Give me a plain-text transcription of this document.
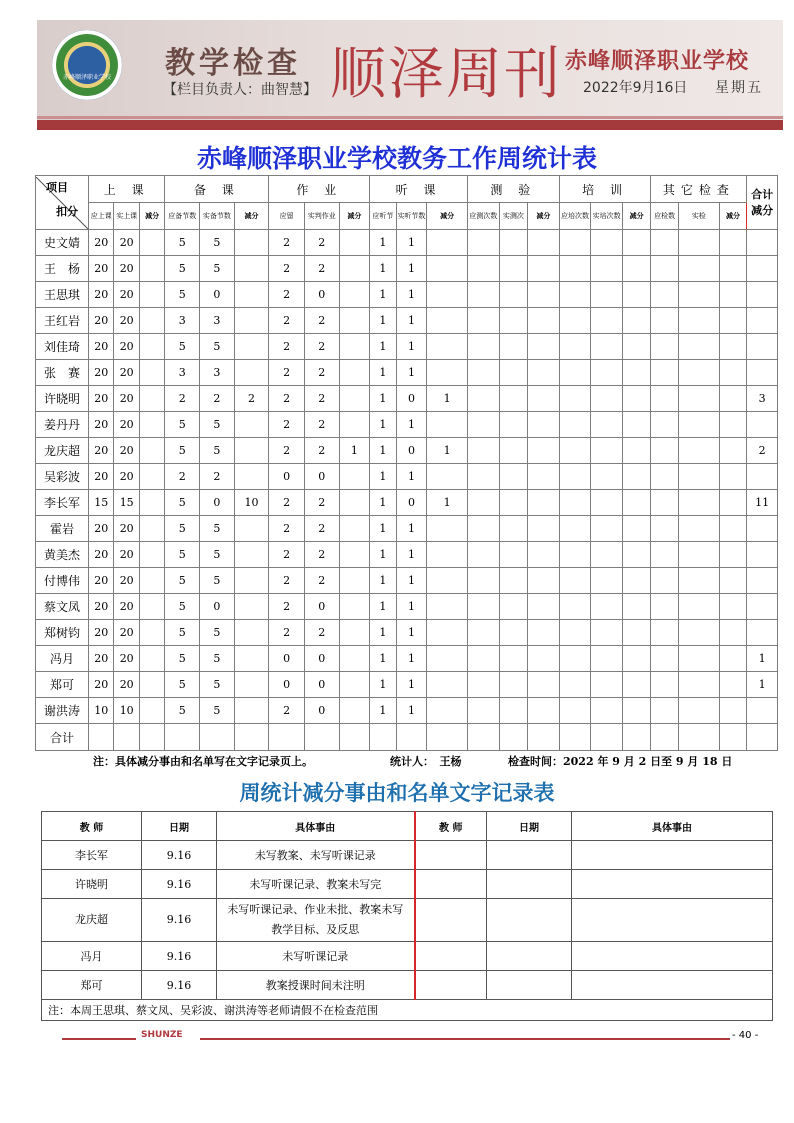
赤峰顺泽职业学校 教学检查
【栏目负责人：曲智慧】 顺泽周刊 赤峰顺泽职业学校
2022年9月16日 星期五
赤峰顺泽职业学校教务工作周统计表
项目
扣分	上 课			备 课			作 业			听 课			测 验			培 训			其它检查			合计减分

	应上课	实上课	减分	应备节数	实备节数	减分	应留	实判作业	减分	应听节	实听节数	减分	应测次数	实测次	减分	应培次数	实培次数	减分	应检数	实检	减分	
史文婧	20	20		5	5		2	2		1	1											
王　杨	20	20		5	5		2	2		1	1											
王思琪	20	20		5	0		2	0		1	1											
王红岩	20	20		3	3		2	2		1	1											
刘佳琦	20	20		5	5		2	2		1	1											
张　赛	20	20		3	3		2	2		1	1											
许晓明	20	20		2	2	2	2	2		1	0	1										3
姜丹丹	20	20		5	5		2	2		1	1											
龙庆超	20	20		5	5		2	2	1	1	0	1										2
吴彩波	20	20		2	2		0	0		1	1											
李长军	15	15		5	0	10	2	2		1	0	1										11
霍岩	20	20		5	5		2	2		1	1											
黄美杰	20	20		5	5		2	2		1	1											
付博伟	20	20		5	5		2	2		1	1											
蔡文凤	20	20		5	0		2	0		1	1											
郑树钧	20	20		5	5		2	2		1	1											
冯月	20	20		5	5		0	0		1	1											1
郑可	20	20		5	5		0	0		1	1											1
谢洪涛	10	10		5	5		2	0		1	1											
合计																						
注：具体减分事由和名单写在文字记录页上。	统计人：　王杨	检查时间：2022 年 9 月 2 日至 9 月 18 日
周统计减分事由和名单文字记录表
教 师	日期	具体事由	教 师	日期	具体事由
李长军	9.16	未写教案、未写听课记录			

许晓明	9.16	未写听课记录、教案未写完			

龙庆超	9.16	未写听课记录、作业未批、教案未写教学目标、及反思			

冯月	9.16	未写听课记录			

郑可	9.16	教案授课时间未注明			

注：本周王思琪、蔡文凤、吴彩波、谢洪涛等老师请假不在检查范围					
SHUNZE	- 40 -
